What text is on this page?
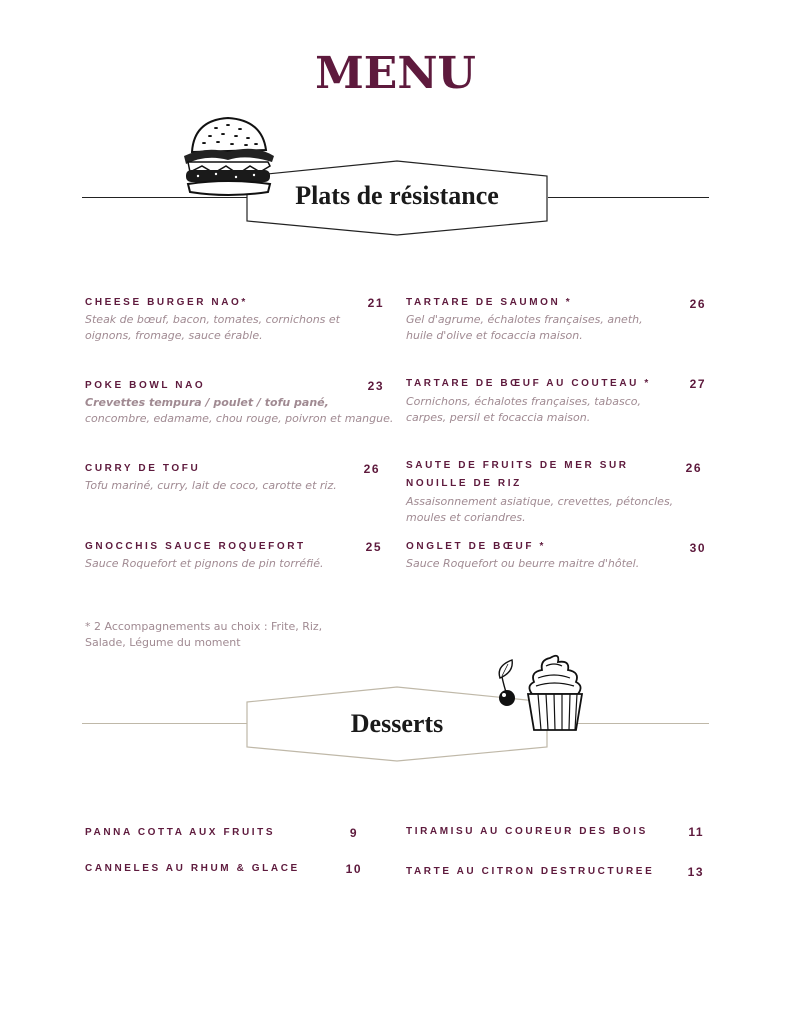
MENU
Plats de résistance
CHEESE BURGER NAO*	21
Steak de bœuf, bacon, tomates, cornichons et oignons, fromage, sauce érable.
POKE BOWL NAO	23
Crevettes tempura / poulet / tofu pané,
concombre, edamame, chou rouge, poivron et mangue.
CURRY DE TOFU	26
Tofu mariné, curry, lait de coco, carotte et riz.
GNOCCHIS SAUCE ROQUEFORT	25
Sauce Roquefort et pignons de pin torréfié.
TARTARE DE SAUMON *	26
Gel d'agrume, échalotes françaises, aneth, huile d'olive et focaccia maison.
TARTARE DE BŒUF AU COUTEAU *	27
Cornichons, échalotes françaises, tabasco, carpes, persil et focaccia maison.
SAUTE DE FRUITS DE MER SUR NOUILLE DE RIZ
26
Assaisonnement asiatique, crevettes, pétoncles, moules et coriandres.
ONGLET DE BŒUF *	30
Sauce Roquefort ou beurre maitre d'hôtel.
* 2 Accompagnements au choix : Frite, Riz, Salade, Légume du moment
Desserts
PANNA COTTA AUX FRUITS	9
CANNELES AU RHUM & GLACE	10
TIRAMISU AU COUREUR DES BOIS	11
TARTE AU CITRON DESTRUCTUREE	13
